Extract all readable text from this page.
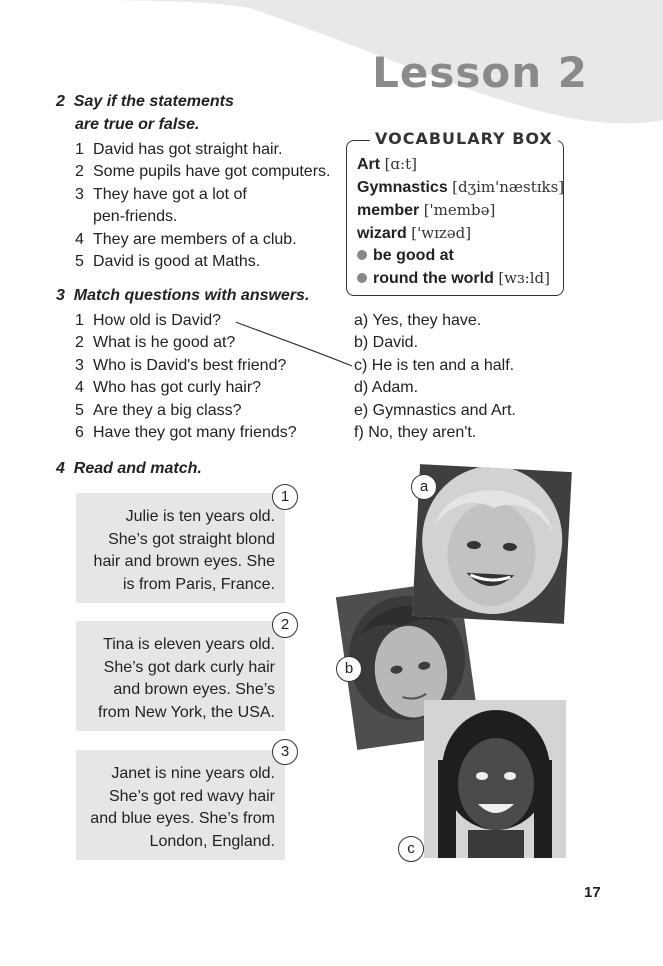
Lesson 2
2 Say if the statements
are true or false.
1 David has got straight hair.
2 Some pupils have got computers.
3 They have got a lot of
pen-friends.
4 They are members of a club.
5 David is good at Maths.
VOCABULARY BOX
Art [ɑ:t]
Gymnastics [dʒim'næstɪks]
member ['membə]
wizard ['wɪzəd]
be good at
round the world [wɜ:ld]
3 Match questions with answers.
1 How old is David?
2 What is he good at?
3 Who is David's best friend?
4 Who has got curly hair?
5 Are they a big class?
6 Have they got many friends?
a) Yes, they have.
b) David.
c) He is ten and a half.
d) Adam.
e) Gymnastics and Art.
f) No, they aren't.
4 Read and match.
Julie is ten years old.
She’s got straight blond
hair and brown eyes. She
is from Paris, France.
1
Tina is eleven years old.
She’s got dark curly hair
and brown eyes. She’s
from New York, the USA.
2
Janet is nine years old.
She’s got red wavy hair
and blue eyes. She’s from
London, England.
3
a
b
c
17
